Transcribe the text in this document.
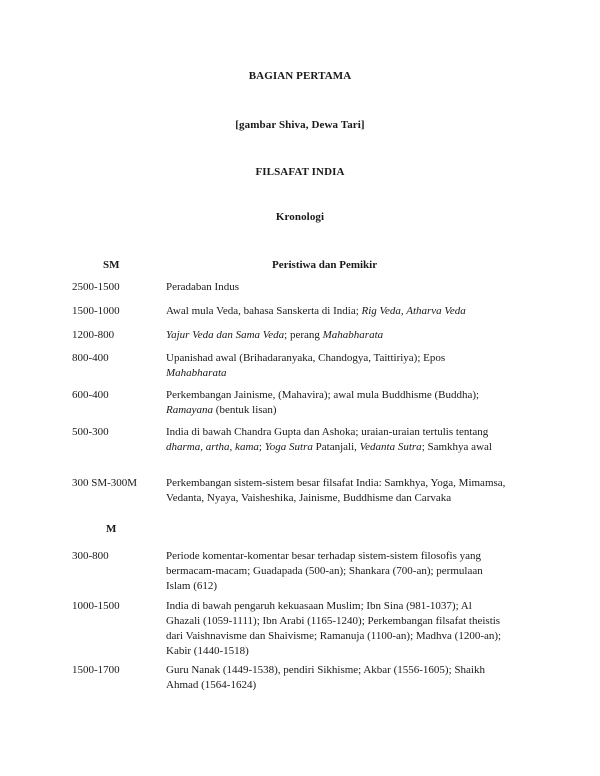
BAGIAN PERTAMA
[gambar Shiva, Dewa Tari]
FILSAFAT INDIA
Kronologi
SM	Peristiwa dan Pemikir
2500-1500	Peradaban Indus
1500-1000	Awal mula Veda, bahasa Sanskerta di India; Rig Veda, Atharva Veda
1200-800	Yajur Veda dan Sama Veda; perang Mahabharata
800-400	Upanishad awal (Brihadaranyaka, Chandogya, Taittiriya); Epos Mahabharata
600-400	Perkembangan Jainisme, (Mahavira); awal mula Buddhisme (Buddha); Ramayana (bentuk lisan)
500-300	India di bawah Chandra Gupta dan Ashoka; uraian-uraian tertulis tentang dharma, artha, kama; Yoga Sutra Patanjali, Vedanta Sutra; Samkhya awal
300 SM-300M	Perkembangan sistem-sistem besar filsafat India: Samkhya, Yoga, Mimamsa, Vedanta, Nyaya, Vaisheshika, Jainisme, Buddhisme dan Carvaka
M
300-800	Periode komentar-komentar besar terhadap sistem-sistem filosofis yang bermacam-macam; Guadapada (500-an); Shankara (700-an); permulaan Islam (612)
1000-1500	India di bawah pengaruh kekuasaan Muslim; Ibn Sina (981-1037); Al Ghazali (1059-1111); Ibn Arabi (1165-1240); Perkembangan filsafat theistis dari Vaishnavisme dan Shaivisme; Ramanuja (1100-an); Madhva (1200-an); Kabir (1440-1518)
1500-1700	Guru Nanak (1449-1538), pendiri Sikhisme; Akbar (1556-1605); Shaikh Ahmad (1564-1624)
